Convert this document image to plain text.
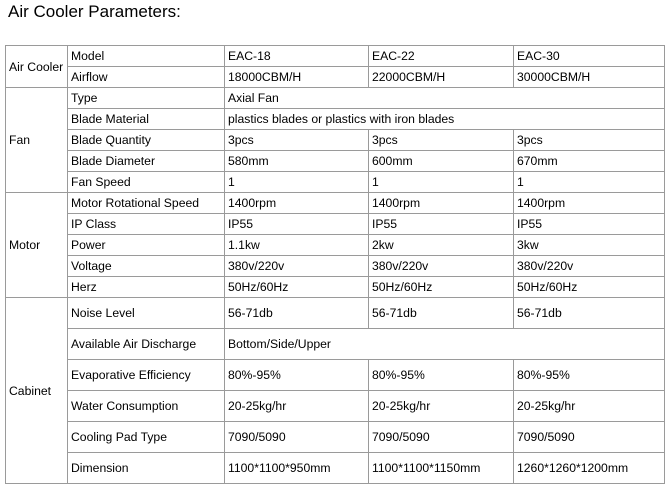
Air Cooler Parameters:
Air Cooler	Model	EAC-18	EAC-22	EAC-30
	Airflow	18000CBM/H	22000CBM/H	30000CBM/H
Fan	Type	Axial Fan		
	Blade Material	plastics blades or plastics with iron blades		
	Blade Quantity	3pcs	3pcs	3pcs
	Blade Diameter	580mm	600mm	670mm
	Fan Speed	1	1	1
Motor	Motor Rotational Speed	1400rpm	1400rpm	1400rpm
	IP Class	IP55	IP55	IP55
	Power	1.1kw	2kw	3kw
	Voltage	380v/220v	380v/220v	380v/220v
	Herz	50Hz/60Hz	50Hz/60Hz	50Hz/60Hz
Cabinet	Noise Level	56-71db	56-71db	56-71db
	Available Air Discharge	Bottom/Side/Upper		
	Evaporative Efficiency	80%-95%	80%-95%	80%-95%
	Water Consumption	20-25kg/hr	20-25kg/hr	20-25kg/hr
	Cooling Pad Type	7090/5090	7090/5090	7090/5090
	Dimension	1100*1100*950mm	1100*1100*1150mm	1260*1260*1200mm
